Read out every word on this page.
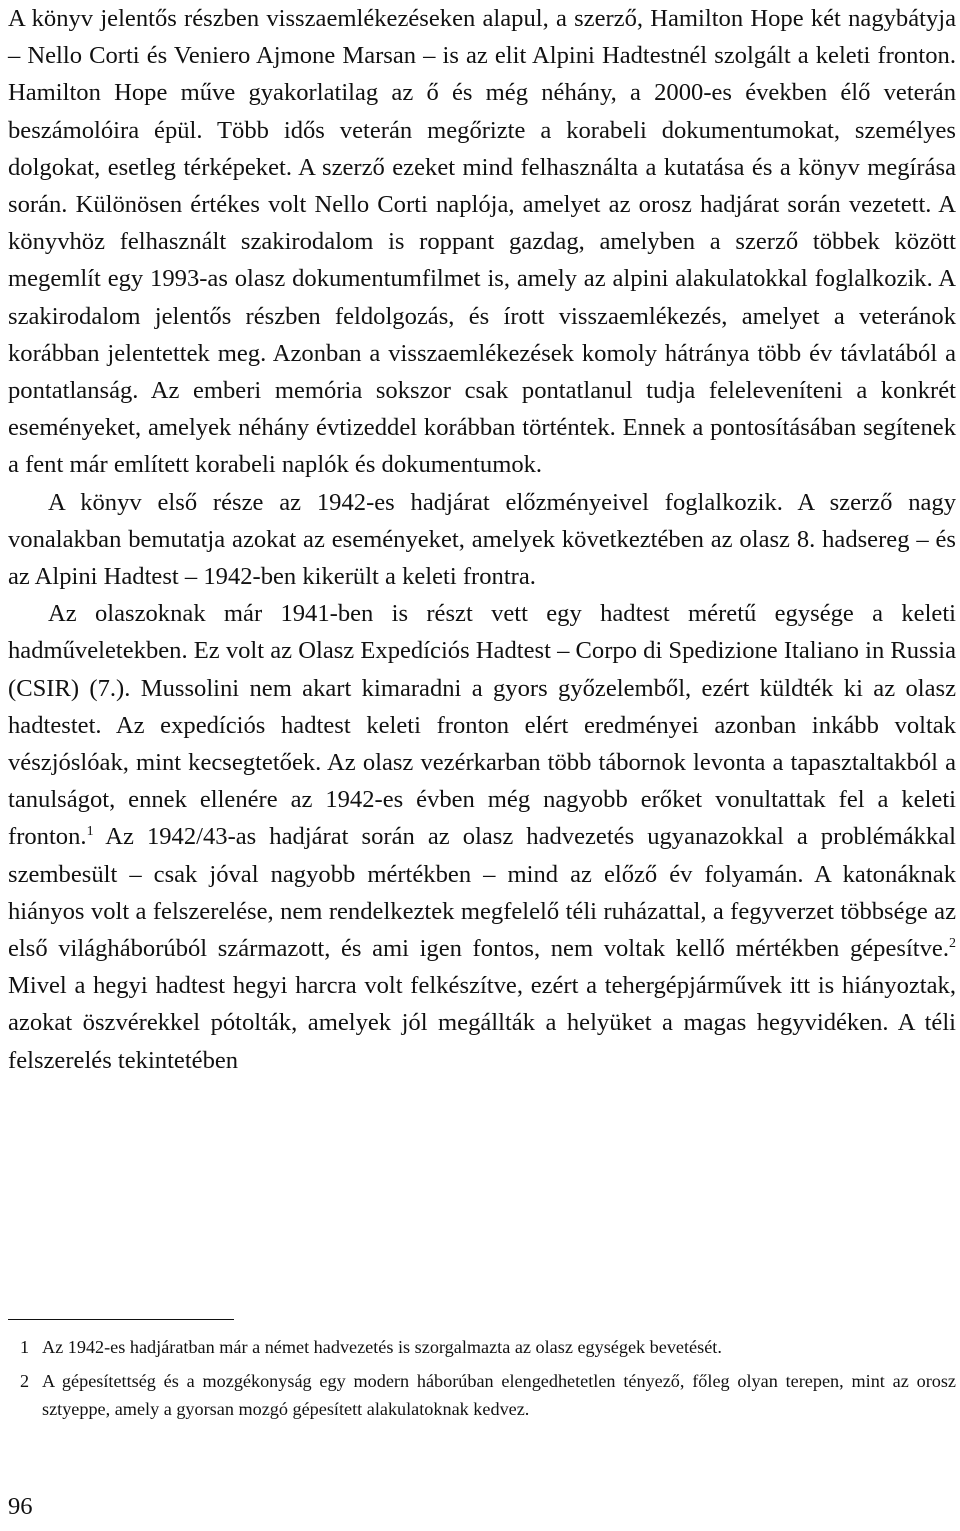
A könyv jelentős részben visszaemlékezéseken alapul, a szerző, Hamilton Hope két nagybátyja – Nello Corti és Veniero Ajmone Marsan – is az elit Alpini Hadtestnél szolgált a keleti fronton. Hamilton Hope műve gyakorlatilag az ő és még néhány, a 2000-es években élő veterán beszámolóira épül. Több idős veterán megőrizte a korabeli dokumentumokat, személyes dolgokat, esetleg térképeket. A szerző ezeket mind felhasználta a kutatása és a könyv megírása során. Különösen értékes volt Nello Corti naplója, amelyet az orosz hadjárat során vezetett. A könyvhöz felhasznált szakirodalom is roppant gazdag, amelyben a szerző többek között megemlít egy 1993-as olasz dokumentumfilmet is, amely az alpini alakulatokkal foglalkozik. A szakirodalom jelentős részben feldolgozás, és írott visszaemlékezés, amelyet a veteránok korábban jelentettek meg. Azonban a visszaemlékezések komoly hátránya több év távlatából a pontatlanság. Az emberi memória sokszor csak pontatlanul tudja feleleveníteni a konkrét eseményeket, amelyek néhány évtizeddel korábban történtek. Ennek a pontosításában segítenek a fent már említett korabeli naplók és dokumentumok.

A könyv első része az 1942-es hadjárat előzményeivel foglalkozik. A szerző nagy vonalakban bemutatja azokat az eseményeket, amelyek következtében az olasz 8. hadsereg – és az Alpini Hadtest – 1942-ben kikerült a keleti frontra.

Az olaszoknak már 1941-ben is részt vett egy hadtest méretű egysége a keleti hadműveletekben. Ez volt az Olasz Expedíciós Hadtest – Corpo di Spedizione Italiano in Russia (CSIR) (7.). Mussolini nem akart kimaradni a gyors győzelemből, ezért küldték ki az olasz hadtestet. Az expedíciós hadtest keleti fronton elért eredményei azonban inkább voltak vészjóslóak, mint kecsegtetőek. Az olasz vezérkarban több tábornok levonta a tapasztaltakból a tanulságot, ennek ellenére az 1942-es évben még nagyobb erőket vonultattak fel a keleti fronton.$^1$ Az 1942/43-as hadjárat során az olasz hadvezetés ugyanazokkal a problémákkal szembesült – csak jóval nagyobb mértékben – mind az előző év folyamán. A katonáknak hiányos volt a felszerelése, nem rendelkeztek megfelelő téli ruházattal, a fegyverzet többsége az első világháborúból származott, és ami igen fontos, nem voltak kellő mértékben gépesítve.$^2$ Mivel a hegyi hadtest hegyi harcra volt felkészítve, ezért a tehergépjárművek itt is hiányoztak, azokat öszvérekkel pótolták, amelyek jól megállták a helyüket a magas hegyvidéken. A téli felszerelés tekintetében

1 Az 1942-es hadjáratban már a német hadvezetés is szorgalmazta az olasz egységek bevetését.
2 A gépesítettség és a mozgékonyság egy modern háborúban elengedhetetlen tényező, főleg olyan terepen, mint az orosz sztyeppe, amely a gyorsan mozgó gépesített alakulatoknak kedvez.
96
